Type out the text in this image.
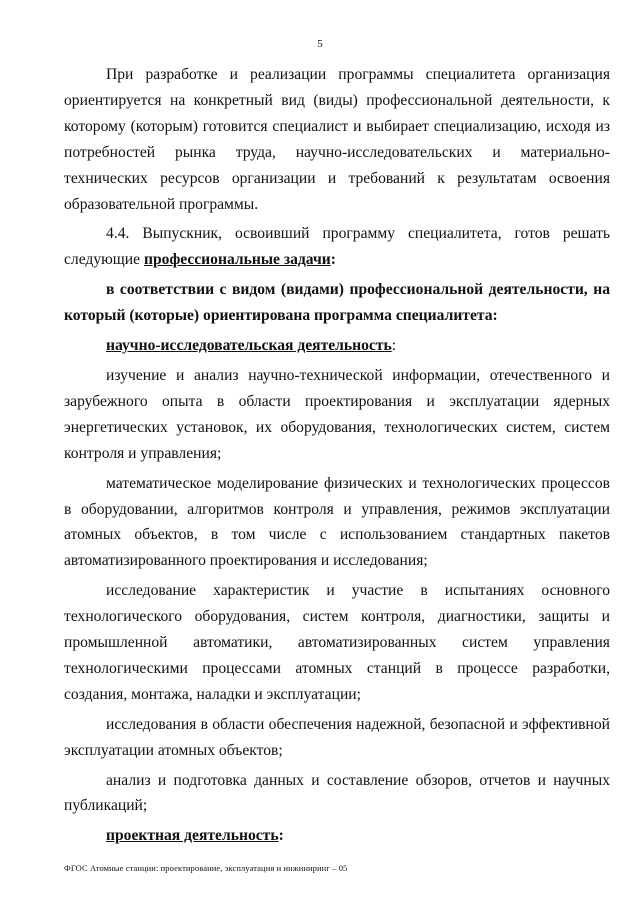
5

При разработке и реализации программы специалитета организация ориентируется на конкретный вид (виды) профессиональной деятельности, к которому (которым) готовится специалист и выбирает специализацию, исходя из потребностей рынка труда, научно-исследовательских и материально-технических ресурсов организации и требований к результатам освоения образовательной программы.

4.4. Выпускник, освоивший программу специалитета, готов решать следующие профессиональные задачи:

в соответствии с видом (видами) профессиональной деятельности, на который (которые) ориентирована программа специалитета:

научно-исследовательская деятельность:

изучение и анализ научно-технической информации, отечественного и зарубежного опыта в области проектирования и эксплуатации ядерных энергетических установок, их оборудования, технологических систем, систем контроля и управления;

математическое моделирование физических и технологических процессов в оборудовании, алгоритмов контроля и управления, режимов эксплуатации атомных объектов, в том числе с использованием стандартных пакетов автоматизированного проектирования и исследования;

исследование характеристик и участие в испытаниях основного технологического оборудования, систем контроля, диагностики, защиты и промышленной автоматики, автоматизированных систем управления технологическими процессами атомных станций в процессе разработки, создания, монтажа, наладки и эксплуатации;

исследования в области обеспечения надежной, безопасной и эффективной эксплуатации атомных объектов;

анализ и подготовка данных и составление обзоров, отчетов и научных публикаций;

проектная деятельность:

ФГОС Атомные станции: проектирование, эксплуатация и инжиниринг – 05
